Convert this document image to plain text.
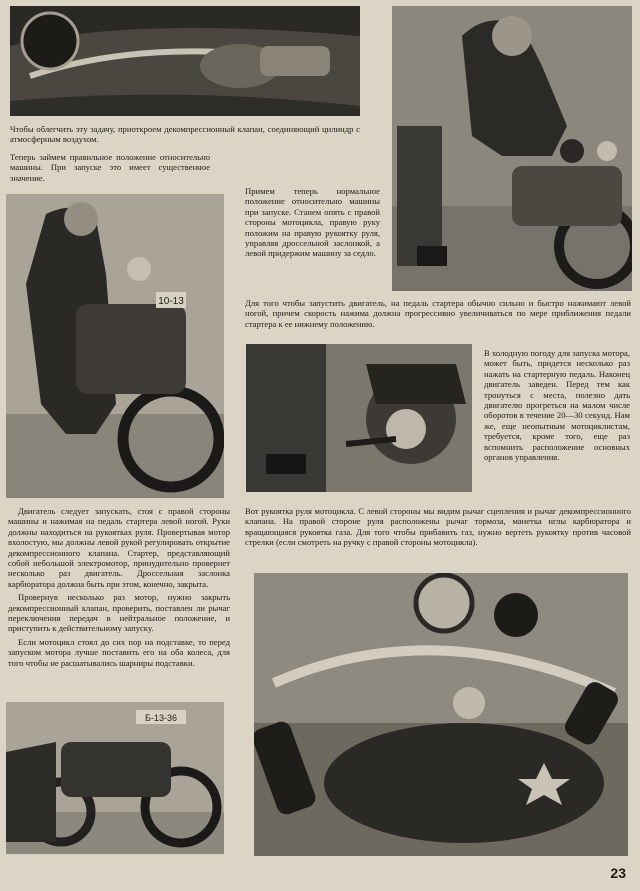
Чтобы облегчить эту задачу, приоткроем декомпрессионный клапан, соединяющий цилиндр с атмосферным воздухом.

Теперь займем правильное положение относительно машины. При запуске это имеет существенное значение.

10-13

Примем теперь нормальное положение относительно машины при запуске. Станем опять с правой стороны мотоцикла, правую руку положим на правую рукоятку руля, управляя дроссельной заслонкой, а левой придержим машину за седло.

Для того чтобы запустить двигатель, на педаль стартера обычно сильно и быстро нажимают левой ногой, причем скорость нажима должна прогрессивно увеличиваться по мере приближения педали стартера к ее нижнему положению.

В холодную погоду для запуска мотора, может быть, придется несколько раз нажать на стартерную педаль. Наконец двигатель заведен. Перед тем как тронуться с места, полезно дать двигателю прогреться на малом числе оборотов в течение 20—30 секунд. Нам же, еще неопытным мотоциклистам, требуется, кроме того, еще раз вспомнить расположение основных органов управления.

Двигатель следует запускать, стоя с правой стороны машины и нажимая на педаль стартера левой ногой. Руки должны находиться на рукоятках руля. Провертывая мотор вхолостую, мы должны левой рукой регулировать открытие декомпрессионного клапана. Стартер, представляющий собой небольшой электромотор, принудительно провернет несколько раз двигатель. Дроссельная заслонка карбюратора должна быть при этом, конечно, закрыта.

Провернув несколько раз мотор, нужно закрыть декомпрессионный клапан, проверить, поставлен ли рычаг переключения передач в нейтральное положение, и приступить к действительному запуску.

Если мотоцикл стоял до сих пор на подставке, то перед запуском мотора лучше поставить его на оба колеса, для того чтобы не расшатывались шарниры подставки.

Вот рукоятка руля мотоцикла. С левой стороны мы видим рычаг сцепления и рычаг декомпрессионного клапана. На правой стороне руля расположены рычаг тормоза, манетка иглы карбюратора и вращающаяся рукоятка газа. Для того чтобы прибавить газ, нужно вертеть рукоятку против часовой стрелки (если смотреть на ручку с правой стороны мотоцикла).

Б-13-36
23
